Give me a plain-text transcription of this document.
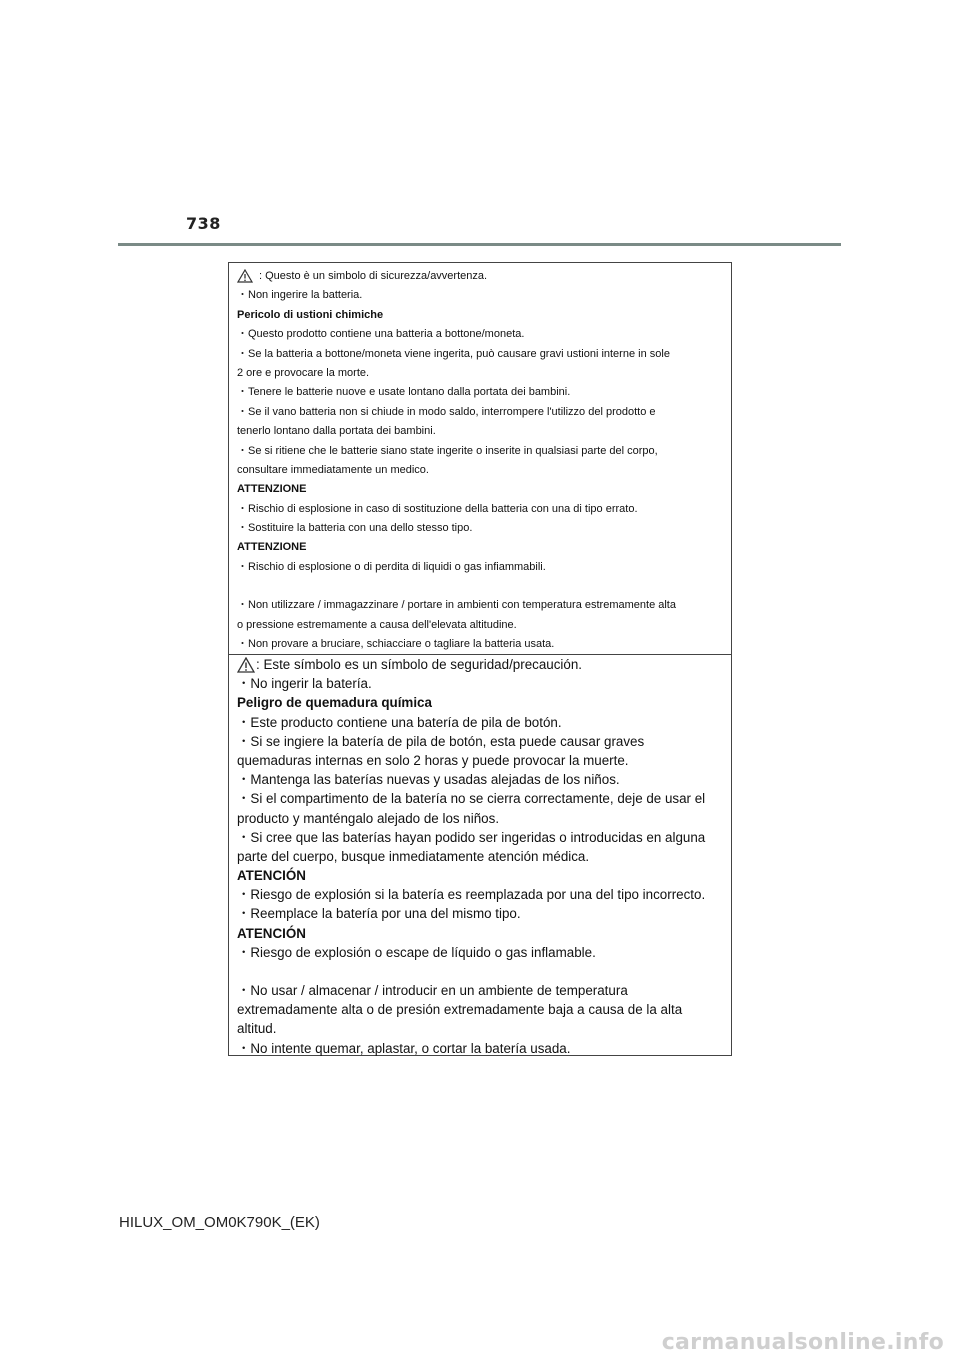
738
: Questo è un simbolo di sicurezza/avvertenza.
・Non ingerire la batteria.
Pericolo di ustioni chimiche
・Questo prodotto contiene una batteria a bottone/moneta.
・Se la batteria a bottone/moneta viene ingerita, può causare gravi ustioni interne in sole
2 ore e provocare la morte.
・Tenere le batterie nuove e usate lontano dalla portata dei bambini.
・Se il vano batteria non si chiude in modo saldo, interrompere l'utilizzo del prodotto e
tenerlo lontano dalla portata dei bambini.
・Se si ritiene che le batterie siano state ingerite o inserite in qualsiasi parte del corpo,
consultare immediatamente un medico.
ATTENZIONE
・Rischio di esplosione in caso di sostituzione della batteria con una di tipo errato.
・Sostituire la batteria con una dello stesso tipo.
ATTENZIONE
・Rischio di esplosione o di perdita di liquidi o gas infiammabili.
・Non utilizzare / immagazzinare / portare in ambienti con temperatura estremamente alta
o pressione estremamente a causa dell'elevata altitudine.
・Non provare a bruciare, schiacciare o tagliare la batteria usata.
: Este símbolo es un símbolo de seguridad/precaución.
・No ingerir la batería.
Peligro de quemadura química
・Este producto contiene una batería de pila de botón.
・Si se ingiere la batería de pila de botón, esta puede causar graves
quemaduras internas en solo 2 horas y puede provocar la muerte.
・Mantenga las baterías nuevas y usadas alejadas de los niños.
・Si el compartimento de la batería no se cierra correctamente, deje de usar el
producto y manténgalo alejado de los niños.
・Si cree que las baterías hayan podido ser ingeridas o introducidas en alguna
parte del cuerpo, busque inmediatamente atención médica.
ATENCIÓN
・Riesgo de explosión si la batería es reemplazada por una del tipo incorrecto.
・Reemplace la batería por una del mismo tipo.
ATENCIÓN
・Riesgo de explosión o escape de líquido o gas inflamable.
・No usar / almacenar / introducir en un ambiente de temperatura
extremadamente alta o de presión extremadamente baja a causa de la alta
altitud.
・No intente quemar, aplastar, o cortar la batería usada.
HILUX_OM_OM0K790K_(EK)
carmanualsonline.info
